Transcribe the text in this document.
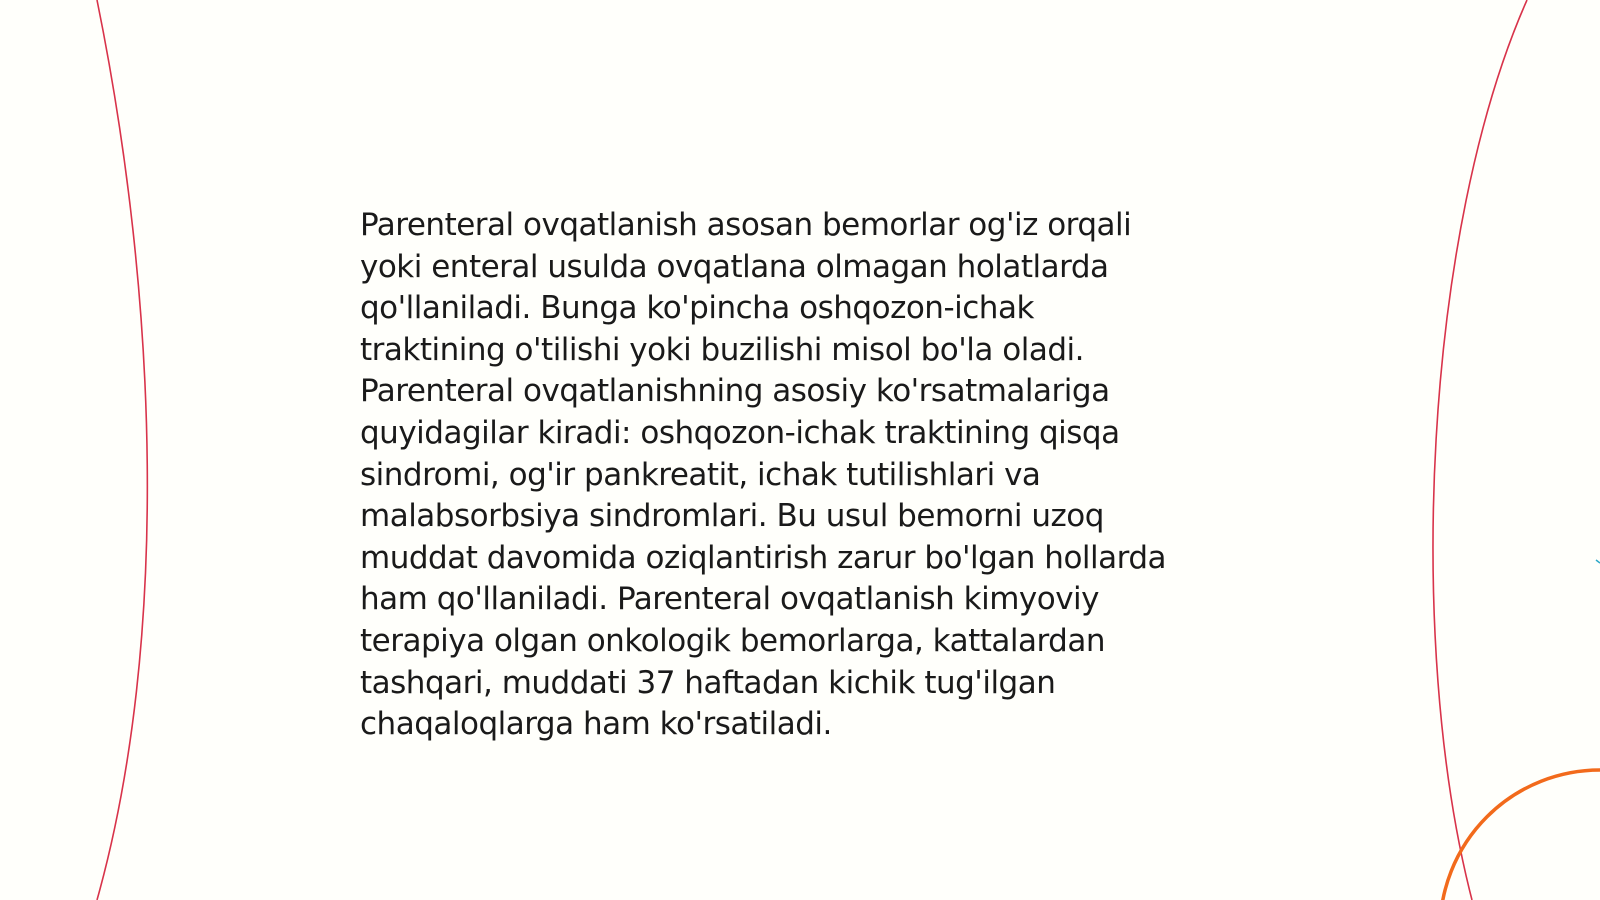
Parenteral ovqatlanish asosan bemorlar og'iz orqali
yoki enteral usulda ovqatlana olmagan holatlarda
qo'llaniladi. Bunga ko'pincha oshqozon-ichak
traktining o'tilishi yoki buzilishi misol bo'la oladi.
Parenteral ovqatlanishning asosiy ko'rsatmalariga
quyidagilar kiradi: oshqozon-ichak traktining qisqa
sindromi, og'ir pankreatit, ichak tutilishlari va
malabsorbsiya sindromlari. Bu usul bemorni uzoq
muddat davomida oziqlantirish zarur bo'lgan hollarda
ham qo'llaniladi. Parenteral ovqatlanish kimyoviy
terapiya olgan onkologik bemorlarga, kattalardan
tashqari, muddati 37 haftadan kichik tug'ilgan
chaqaloqlarga ham ko'rsatiladi.
